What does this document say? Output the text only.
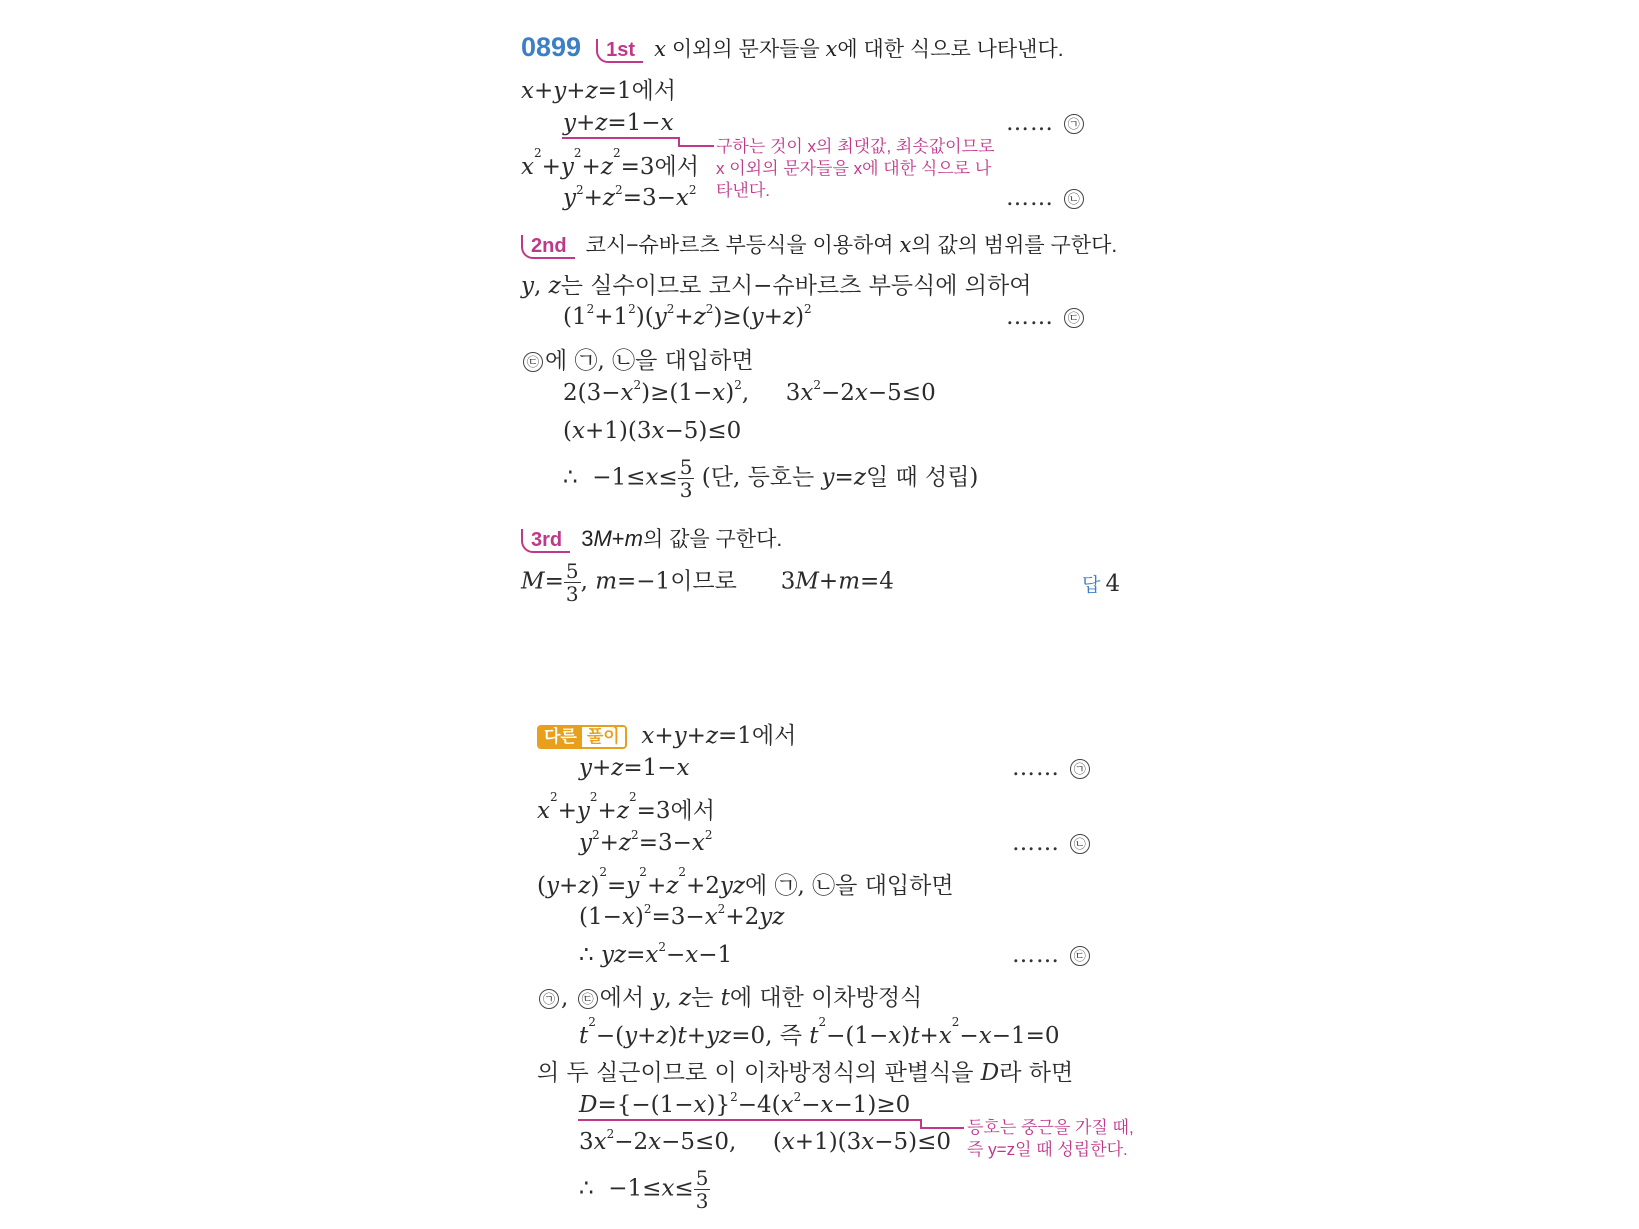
0899 1st x 이외의 문자들을 x에 대한 식으로 나타낸다.
x+y+z=1에서
y+z=1−x	…… ㉠
구하는 것이 x의 최댓값, 최솟값이므로
x 이외의 문자들을 x에 대한 식으로 나
타낸다.
$x^2+y^2+z^2=3$에서
$y^2+z^2=3-x^2$	…… ㉡
2nd 코시−슈바르츠 부등식을 이용하여 x의 값의 범위를 구한다.
y, z는 실수이므로 코시−슈바르츠 부등식에 의하여
$(1^2+1^2)(y^2+z^2)\ge(y+z)^2$	…… ㉢
㉢ 에 ㉠, ㉡을 대입하면
$2(3-x^2)\ge(1-x)^2$,     $3x^2-2x-5\le 0$
(x+1)(3x−5)≤0
∴  $-1\le x\le \frac{5}{3}$ (단, 등호는 y=z일 때 성립)
3rd 3M+m의 값을 구한다.
$M= \frac{5}{3}$ , m=−1이므로      3M+m=4	답 4
다른 풀이 x+y+z=1에서
y+z=1−x	…… ㉠
$x^2+y^2+z^2=3$에서
$y^2+z^2=3-x^2$	…… ㉡
$(y+z)^2=y^2+z^2+2yz$에 ㉠, ㉡을 대입하면
$(1-x)^2=3-x^2+2yz$
∴ $yz=x^2-x-1$	…… ㉢
㉠ , ㉢ 에서 y, z는 t에 대한 이차방정식
$t^2-(y+z)t+yz=0$, 즉 $t^2-(1-x)t+x^2-x-1=0$
의 두 실근이므로 이 이차방정식의 판별식을 D라 하면
$D=\{-(1-x)\}^2-4(x^2-x-1)\ge 0$
등호는 중근을 가질 때,
즉 y=z일 때 성립한다.
$3x^2-2x-5\le 0$,     (x+1)(3x−5)≤0
∴  $-1\le x\le \frac{5}{3}$
